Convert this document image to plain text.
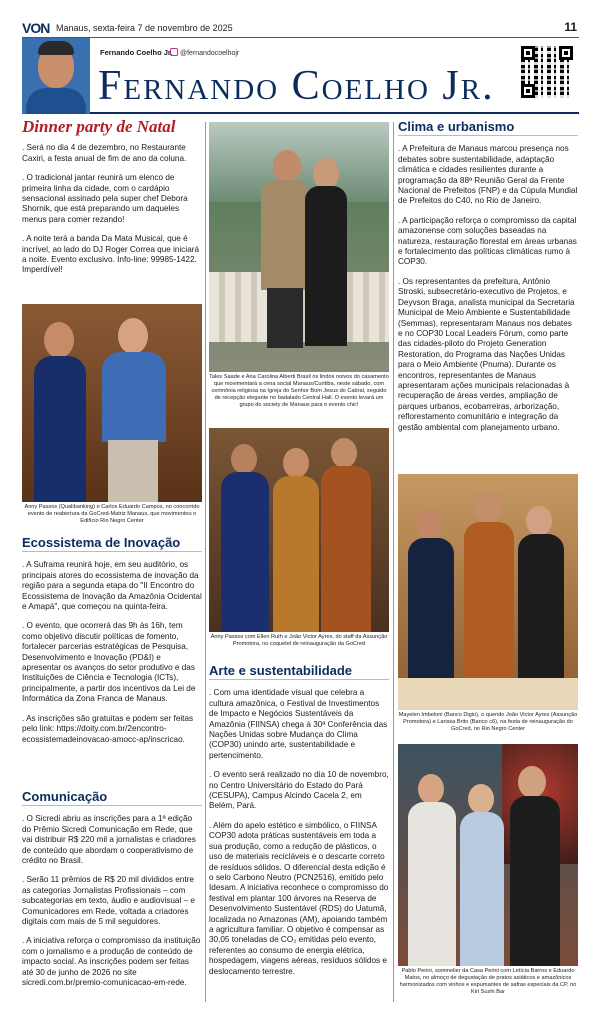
VON Manaus, sexta-feira 7 de novembro de 2025	11
Fernando Coelho Jr.	@fernandocoelhojr
Fernando Coelho Jr.
Dinner party de Natal

. Será no dia 4 de dezembro, no Restaurante Caxiri, a festa anual de fim de ano da coluna.

. O tradicional jantar reunirá um elenco de primeira linha da cidade, com o cardápio sensacional assinado pela super chef Debora Shornik, que está preparando um daqueles menus para comer rezando!

. A noite terá a banda Da Mata Musical, que é incrível, ao lado do DJ Roger Correa que iniciará a noite. Evento exclusivo. Info-line: 99985-1422. Imperdível!

Anny Passos (Qualibanking) e Carlos Eduardo Campos, no concorrido evento de reabertura da GoCred-Matriz Manaus, que movimentou o Edifício Rio Negro Center
Ecossistema de Inovação

. A Suframa reunirá hoje, em seu auditório, os principais atores do ecossistema de inovação da região para a segunda etapa do "II Encontro do Ecossistema de Inovação da Amazônia Ocidental e Amapá", que começou na quinta-feira.

. O evento, que ocorrerá das 9h às 16h, tem como objetivo discutir políticas de fomento, fortalecer parcerias estratégicas de Pesquisa, Desenvolvimento e Inovação (PD&I) e apresentar os avanços do setor produtivo e das Instituições de Ciência e Tecnologia (ICTs), principalmente, a partir dos incentivos da Lei de Informática da Zona Franca de Manaus.

. As inscrições são gratuitas e podem ser feitas pelo link: https://doity.com.br/2encontro-ecossistemadeinovacao-amocc-ap/inscricao.

Comunicação

. O Sicredi abriu as inscrições para a 1ª edição do Prêmio Sicredi Comunicação em Rede, que vai distribuir R$ 220 mil a jornalistas e criadores de conteúdo que abordam o cooperativismo de crédito no Brasil.

. Serão 11 prêmios de R$ 20 mil divididos entre as categorias Jornalistas Profissionais – com subcategorias em texto, áudio e audiovisual – e Comunicadores em Rede, voltada a criadores digitais com mais de 5 mil seguidores.

. A iniciativa reforça o compromisso da instituição com o jornalismo e a produção de conteúdo de impacto social. As inscrições podem ser feitas até 30 de junho de 2026 no site sicredi.com.br/premio-comunicacao-em-rede.

Tales Saade e Ana Carolina Alberti Brasil os lindos noivos do casamento que movimentará a cena social Manaus/Curitiba, neste sábado, com cerimônia religiosa na Igreja do Senhor Bom Jesus do Cabral, seguido de recepção elegante no badalado Central Hall. O evento levará um grupo do society de Manaus para o evento chic!
Anny Passos com Ellen Ruth e João Victor Ayres, do staff da Assunção Promotora, no coquetel de reinauguração da GoCred
Arte e sustentabilidade

. Com uma identidade visual que celebra a cultura amazônica, o Festival de Investimentos de Impacto e Negócios Sustentáveis da Amazônia (FIINSA) chega à 30ª Conferência das Nações Unidas sobre Mudança do Clima (COP30) unindo arte, sustentabilidade e pertencimento.

. O evento será realizado no dia 10 de novembro, no Centro Universitário do Estado do Pará (CESUPA), Campus Alcindo Cacela 2, em Belém, Pará.

. Além do apelo estético e simbólico, o FIINSA COP30 adota práticas sustentáveis em toda a sua produção, como a redução de plásticos, o uso de materiais recicláveis e o descarte correto de resíduos sólidos. O diferencial desta edição é o selo Carbono Neutro (PCN2516), emitido pelo Idesam. A iniciativa reconhece o compromisso do festival em plantar 100 árvores na Reserva de Desenvolvimento Sustentável (RDS) do Uatumã, localizada no Amazonas (AM), apoiando também a agricultura familiar. O objetivo é compensar as 30,05 toneladas de CO₂ emitidas pelo evento, referentes ao consumo de energia elétrica, hospedagem, viagens aéreas, resíduos sólidos e deslocamento terrestre.

Clima e urbanismo

. A Prefeitura de Manaus marcou presença nos debates sobre sustentabilidade, adaptação climática e cidades resilientes durante a programação da 88ª Reunião Geral da Frente Nacional de Prefeitos (FNP) e da Cúpula Mundial de Prefeitos do C40, no Rio de Janeiro.

. A participação reforça o compromisso da capital amazonense com soluções baseadas na natureza, restauração florestal em áreas urbanas e fortalecimento das políticas climáticas rumo à COP30.

. Os representantes da prefeitura, Antônio Stroski, subsecretário-executivo de Projetos, e Deyvson Braga, analista municipal da Secretaria Municipal de Meio Ambiente e Sustentabilidade (Semmas), representaram Manaus nos debates e no COP30 Local Leaders Fórum, como parte das cidades-piloto do Projeto Generation Restoration, do Programa das Nações Unidas para o Meio Ambiente (Pnuma). Durante os encontros, representantes de Manaus apresentaram ações municipais relacionadas à recuperação de áreas verdes, ampliação de parques urbanos, ecobarreiras, arborização, reflorestamento comunitário e integração da gestão ambiental com planejamento urbano.

Mayelen Imbeloni (Banco Digio), o querido João Victor Ayres (Assunção Promotora) e Larissa Brito (Banco c6), na festa de reinauguração do GoCred, no Rio Negro Center
Pablo Perini, sommelier da Casa Perini com Letícia Barros e Eduardo Matos, no almoço de degustação de pratos asiáticos e amazônicos harmonizados com vinhos e espumantes de safras especiais da CP, no Kiri Sushi Bar
